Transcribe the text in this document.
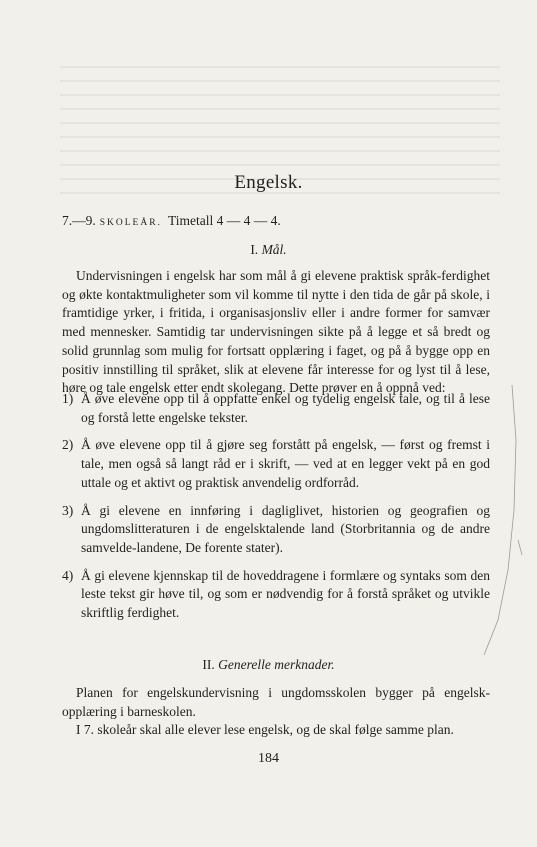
Engelsk.
7.—9. SKOLEÅR. Timetall 4 — 4 — 4.
I. Mål.
Undervisningen i engelsk har som mål å gi elevene praktisk språk-ferdighet og økte kontaktmuligheter som vil komme til nytte i den tida de går på skole, i framtidige yrker, i fritida, i organisasjonsliv eller i andre former for samvær med mennesker. Samtidig tar undervisningen sikte på å legge et så bredt og solid grunnlag som mulig for fortsatt opplæring i faget, og på å bygge opp en positiv innstilling til språket, slik at elevene får interesse for og lyst til å lese, høre og tale engelsk etter endt skolegang. Dette prøver en å oppnå ved:
1) Å øve elevene opp til å oppfatte enkel og tydelig engelsk tale, og til å lese og forstå lette engelske tekster.
2) Å øve elevene opp til å gjøre seg forstått på engelsk, — først og fremst i tale, men også så langt råd er i skrift, — ved at en legger vekt på en god uttale og et aktivt og praktisk anvendelig ordforråd.
3) Å gi elevene en innføring i dagliglivet, historien og geografien og ungdomslitteraturen i de engelsktalende land (Storbritannia og de andre samvelde-landene, De forente stater).
4) Å gi elevene kjennskap til de hoveddragene i formlære og syntaks som den leste tekst gir høve til, og som er nødvendig for å forstå språket og utvikle skriftlig ferdighet.
II. Generelle merknader.
Planen for engelskundervisning i ungdomsskolen bygger på engelsk-opplæring i barneskolen.
I 7. skoleår skal alle elever lese engelsk, og de skal følge samme plan.
184
